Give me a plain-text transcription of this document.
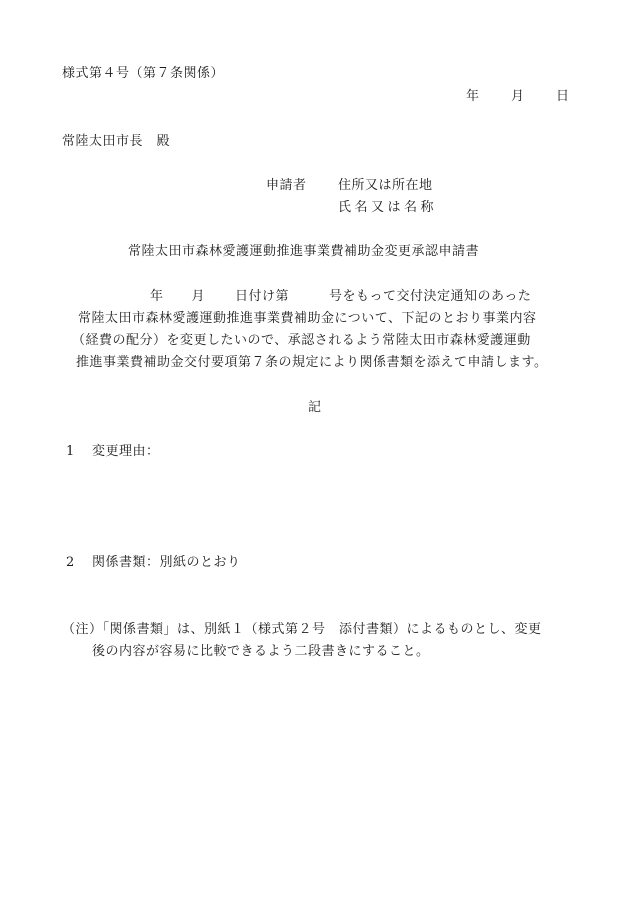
様式第４号（第７条関係）
年 月 日
常陸太田市長　殿
申請者 住所又は所在地
氏名又は名称
常陸太田市森林愛護運動推進事業費補助金変更承認申請書
年 月 日付け第	号をもって交付決定通知のあった
常陸太田市森林愛護運動推進事業費補助金について、下記のとおり事業内容
（経費の配分）を変更したいので、承認されるよう常陸太田市森林愛護運動
推進事業費補助金交付要項第７条の規定により関係書類を添えて申請します。
記
1 変更理由：
2 関係書類：別紙のとおり
（注）「関係書類」は、別紙１（様式第２号　添付書類）によるものとし、変更
後の内容が容易に比較できるよう二段書きにすること。
